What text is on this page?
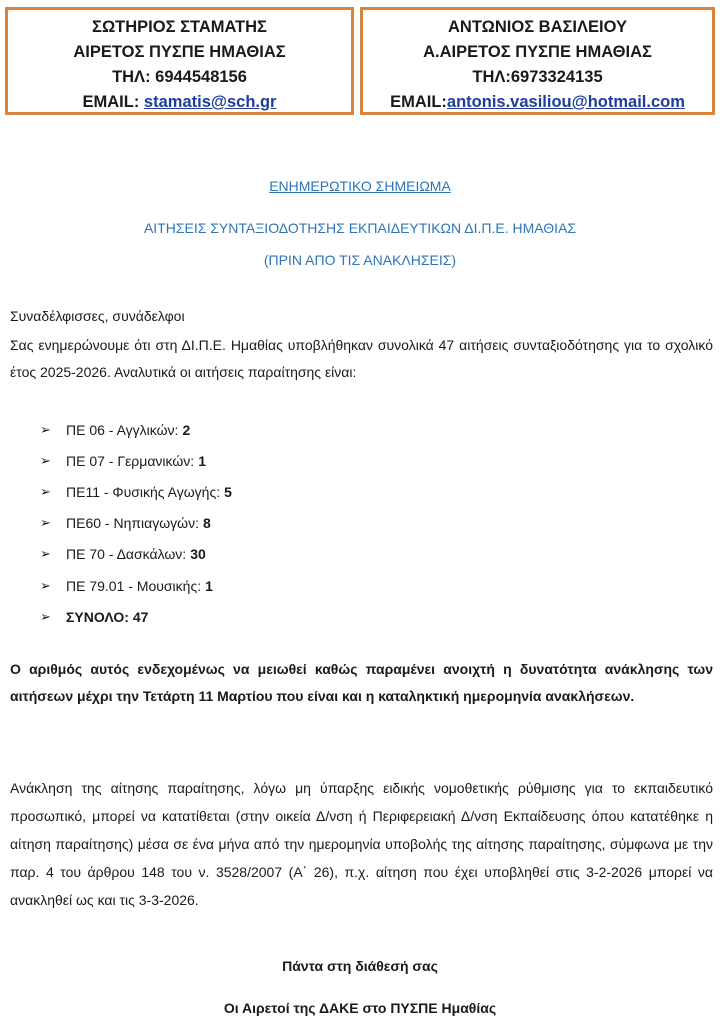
ΣΩΤΗΡΙΟΣ ΣΤΑΜΑΤΗΣ
ΑΙΡΕΤΟΣ ΠΥΣΠΕ ΗΜΑΘΙΑΣ
ΤΗΛ: 6944548156
EMAIL: stamatis@sch.gr
ΑΝΤΩΝΙΟΣ ΒΑΣΙΛΕΙΟΥ
Α.ΑΙΡΕΤΟΣ ΠΥΣΠΕ ΗΜΑΘΙΑΣ
ΤΗΛ:6973324135
EMAIL:antonis.vasiliou@hotmail.com
ΕΝΗΜΕΡΩΤΙΚΟ ΣΗΜΕΙΩΜΑ
ΑΙΤΗΣΕΙΣ ΣΥΝΤΑΞΙΟΔΟΤΗΣΗΣ ΕΚΠΑΙΔΕΥΤΙΚΩΝ ΔΙ.Π.Ε. ΗΜΑΘΙΑΣ
(ΠΡΙΝ ΑΠΟ ΤΙΣ ΑΝΑΚΛΗΣΕΙΣ)
Συναδέλφισσες, συνάδελφοι
Σας ενημερώνουμε ότι στη ΔΙ.Π.Ε. Ημαθίας υποβλήθηκαν συνολικά 47 αιτήσεις συνταξιοδότησης για το σχολικό έτος 2025-2026. Αναλυτικά οι αιτήσεις παραίτησης είναι:
➢	ΠΕ 06 - Αγγλικών: 2
➢	ΠΕ 07 - Γερμανικών: 1
➢	ΠΕ11 - Φυσικής Αγωγής: 5
➢	ΠΕ60 - Νηπιαγωγών: 8
➢	ΠΕ 70 - Δασκάλων: 30
➢	ΠΕ 79.01 - Μουσικής: 1
➢	ΣΥΝΟΛΟ: 47
Ο αριθμός αυτός ενδεχομένως να μειωθεί καθώς παραμένει ανοιχτή η δυνατότητα ανάκλησης των αιτήσεων μέχρι την Τετάρτη 11 Μαρτίου που είναι και η καταληκτική ημερομηνία ανακλήσεων.
Ανάκληση της αίτησης παραίτησης, λόγω μη ύπαρξης ειδικής νομοθετικής ρύθμισης για το εκπαιδευτικό προσωπικό, μπορεί να κατατίθεται (στην οικεία Δ/νση ή Περιφερειακή Δ/νση Εκπαίδευσης όπου κατατέθηκε η αίτηση παραίτησης) μέσα σε ένα μήνα από την ημερομηνία υποβολής της αίτησης παραίτησης, σύμφωνα με την παρ. 4 του άρθρου 148 του ν. 3528/2007 (Α΄ 26), π.χ. αίτηση που έχει υποβληθεί στις 3-2-2026 μπορεί να ανακληθεί ως και τις 3-3-2026.
Πάντα στη διάθεσή σας
Οι Αιρετοί της ΔΑΚΕ στο ΠΥΣΠΕ Ημαθίας
